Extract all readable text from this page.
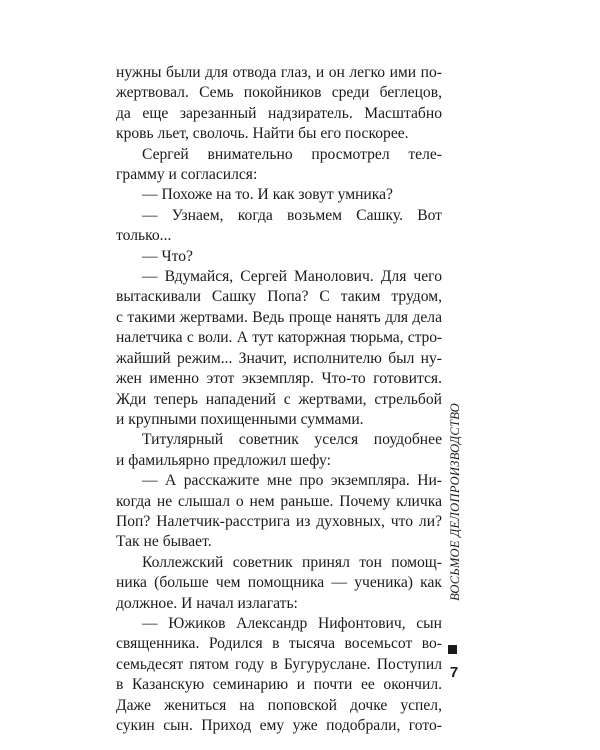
нужны были для отвода глаз, и он легко ими по-
жертвовал. Семь покойников среди беглецов,
да еще зарезанный надзиратель. Масштабно
кровь льет, сволочь. Найти бы его поскорее.
Сергей внимательно просмотрел теле-
грамму и согласился:
— Похоже на то. И как зовут умника?
— Узнаем, когда возьмем Сашку. Вот
только...
— Что?
— Вдумайся, Сергей Манолович. Для чего
вытаскивали Сашку Попа? С таким трудом,
с такими жертвами. Ведь проще нанять для дела
налетчика с воли. А тут каторжная тюрьма, стро-
жайший режим... Значит, исполнителю был ну-
жен именно этот экземпляр. Что-то готовится.
Жди теперь нападений с жертвами, стрельбой
и крупными похищенными суммами.
Титулярный советник уселся поудобнее
и фамильярно предложил шефу:
— А расскажите мне про экземпляра. Ни-
когда не слышал о нем раньше. Почему кличка
Поп? Налетчик-расстрига из духовных, что ли?
Так не бывает.
Коллежский советник принял тон помощ-
ника (больше чем помощника — ученика) как
должное. И начал излагать:
— Южиков Александр Нифонтович, сын
священника. Родился в тысяча восемьсот во-
семьдесят пятом году в Бугуруслане. Поступил
в Казанскую семинарию и почти ее окончил.
Даже жениться на поповской дочке успел,
сукин сын. Приход ему уже подобрали, гото-
ВОСЬМОЕ ДЕЛОПРОИЗВОДСТВО
7
